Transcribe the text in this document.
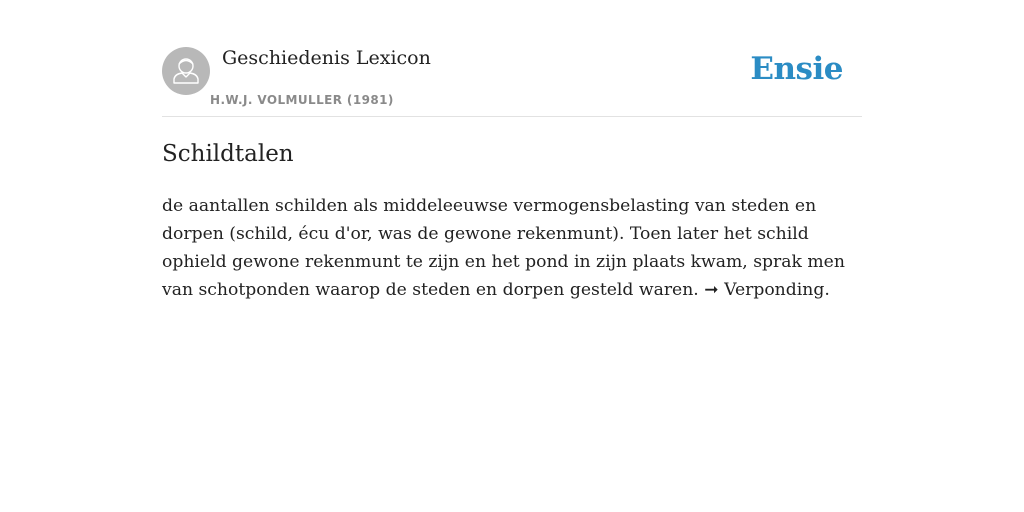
Geschiedenis Lexicon
H.W.J. VOLMULLER (1981)
Ensie
Schildtalen

de aantallen schilden als middeleeuwse vermogensbelasting van steden en dorpen (schild, écu d'or, was de gewone rekenmunt). Toen later het schild ophield gewone rekenmunt te zijn en het pond in zijn plaats kwam, sprak men van schotponden waarop de steden en dorpen gesteld waren. ➞ Verponding.
